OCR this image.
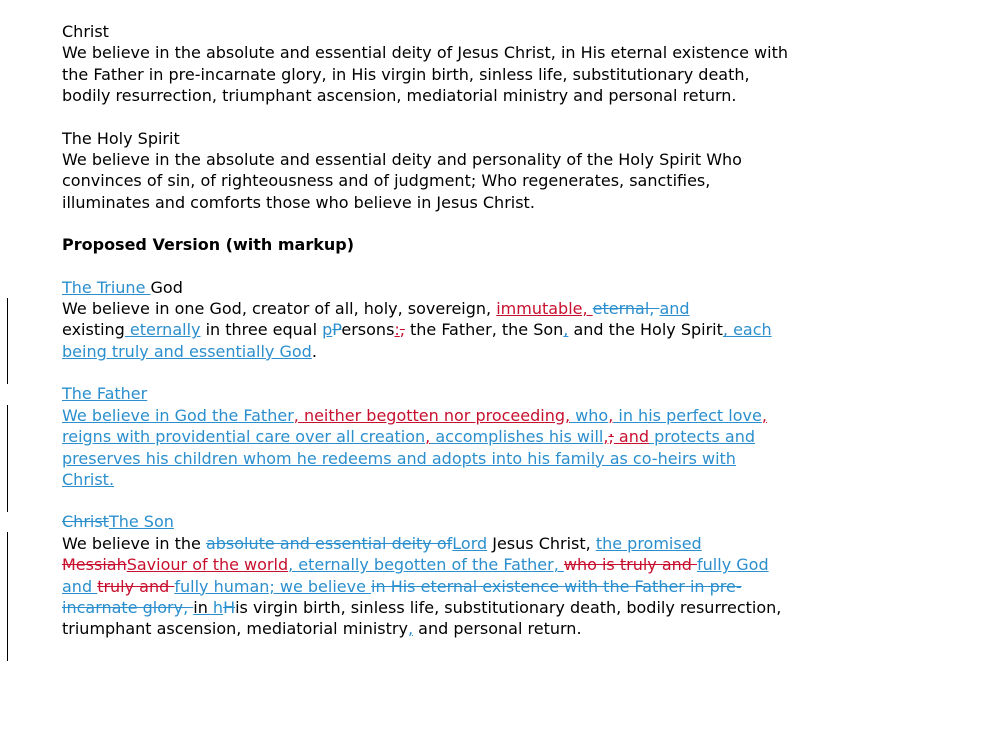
Christ
We believe in the absolute and essential deity of Jesus Christ, in His eternal existence with the Father in pre-incarnate glory, in His virgin birth, sinless life, substitutionary death, bodily resurrection, triumphant ascension, mediatorial ministry and personal return.
The Holy Spirit
We believe in the absolute and essential deity and personality of the Holy Spirit Who convinces of sin, of righteousness and of judgment; Who regenerates, sanctifies, illuminates and comforts those who believe in Jesus Christ.
Proposed Version (with markup)
The Triune God
We believe in one God, creator of all, holy, sovereign, immutable, eternal, and
existing eternally in three equal pPersons:, the Father, the Son, and the Holy Spirit, each being truly and essentially God.
The Father
We believe in God the Father, neither begotten nor proceeding, who, in his perfect love, reigns with providential care over all creation, accomplishes his will,; and protects and preserves his children whom he redeems and adopts into his family as co-heirs with Christ.
ChristThe Son
We believe in the absolute and essential deity ofLord Jesus Christ, the promised
MessiahSaviour of the world, eternally begotten of the Father, who is truly and fully God and truly and fully human; we believe in His eternal existence with the Father in pre-incarnate glory, in hHis virgin birth, sinless life, substitutionary death, bodily resurrection, triumphant ascension, mediatorial ministry, and personal return.
